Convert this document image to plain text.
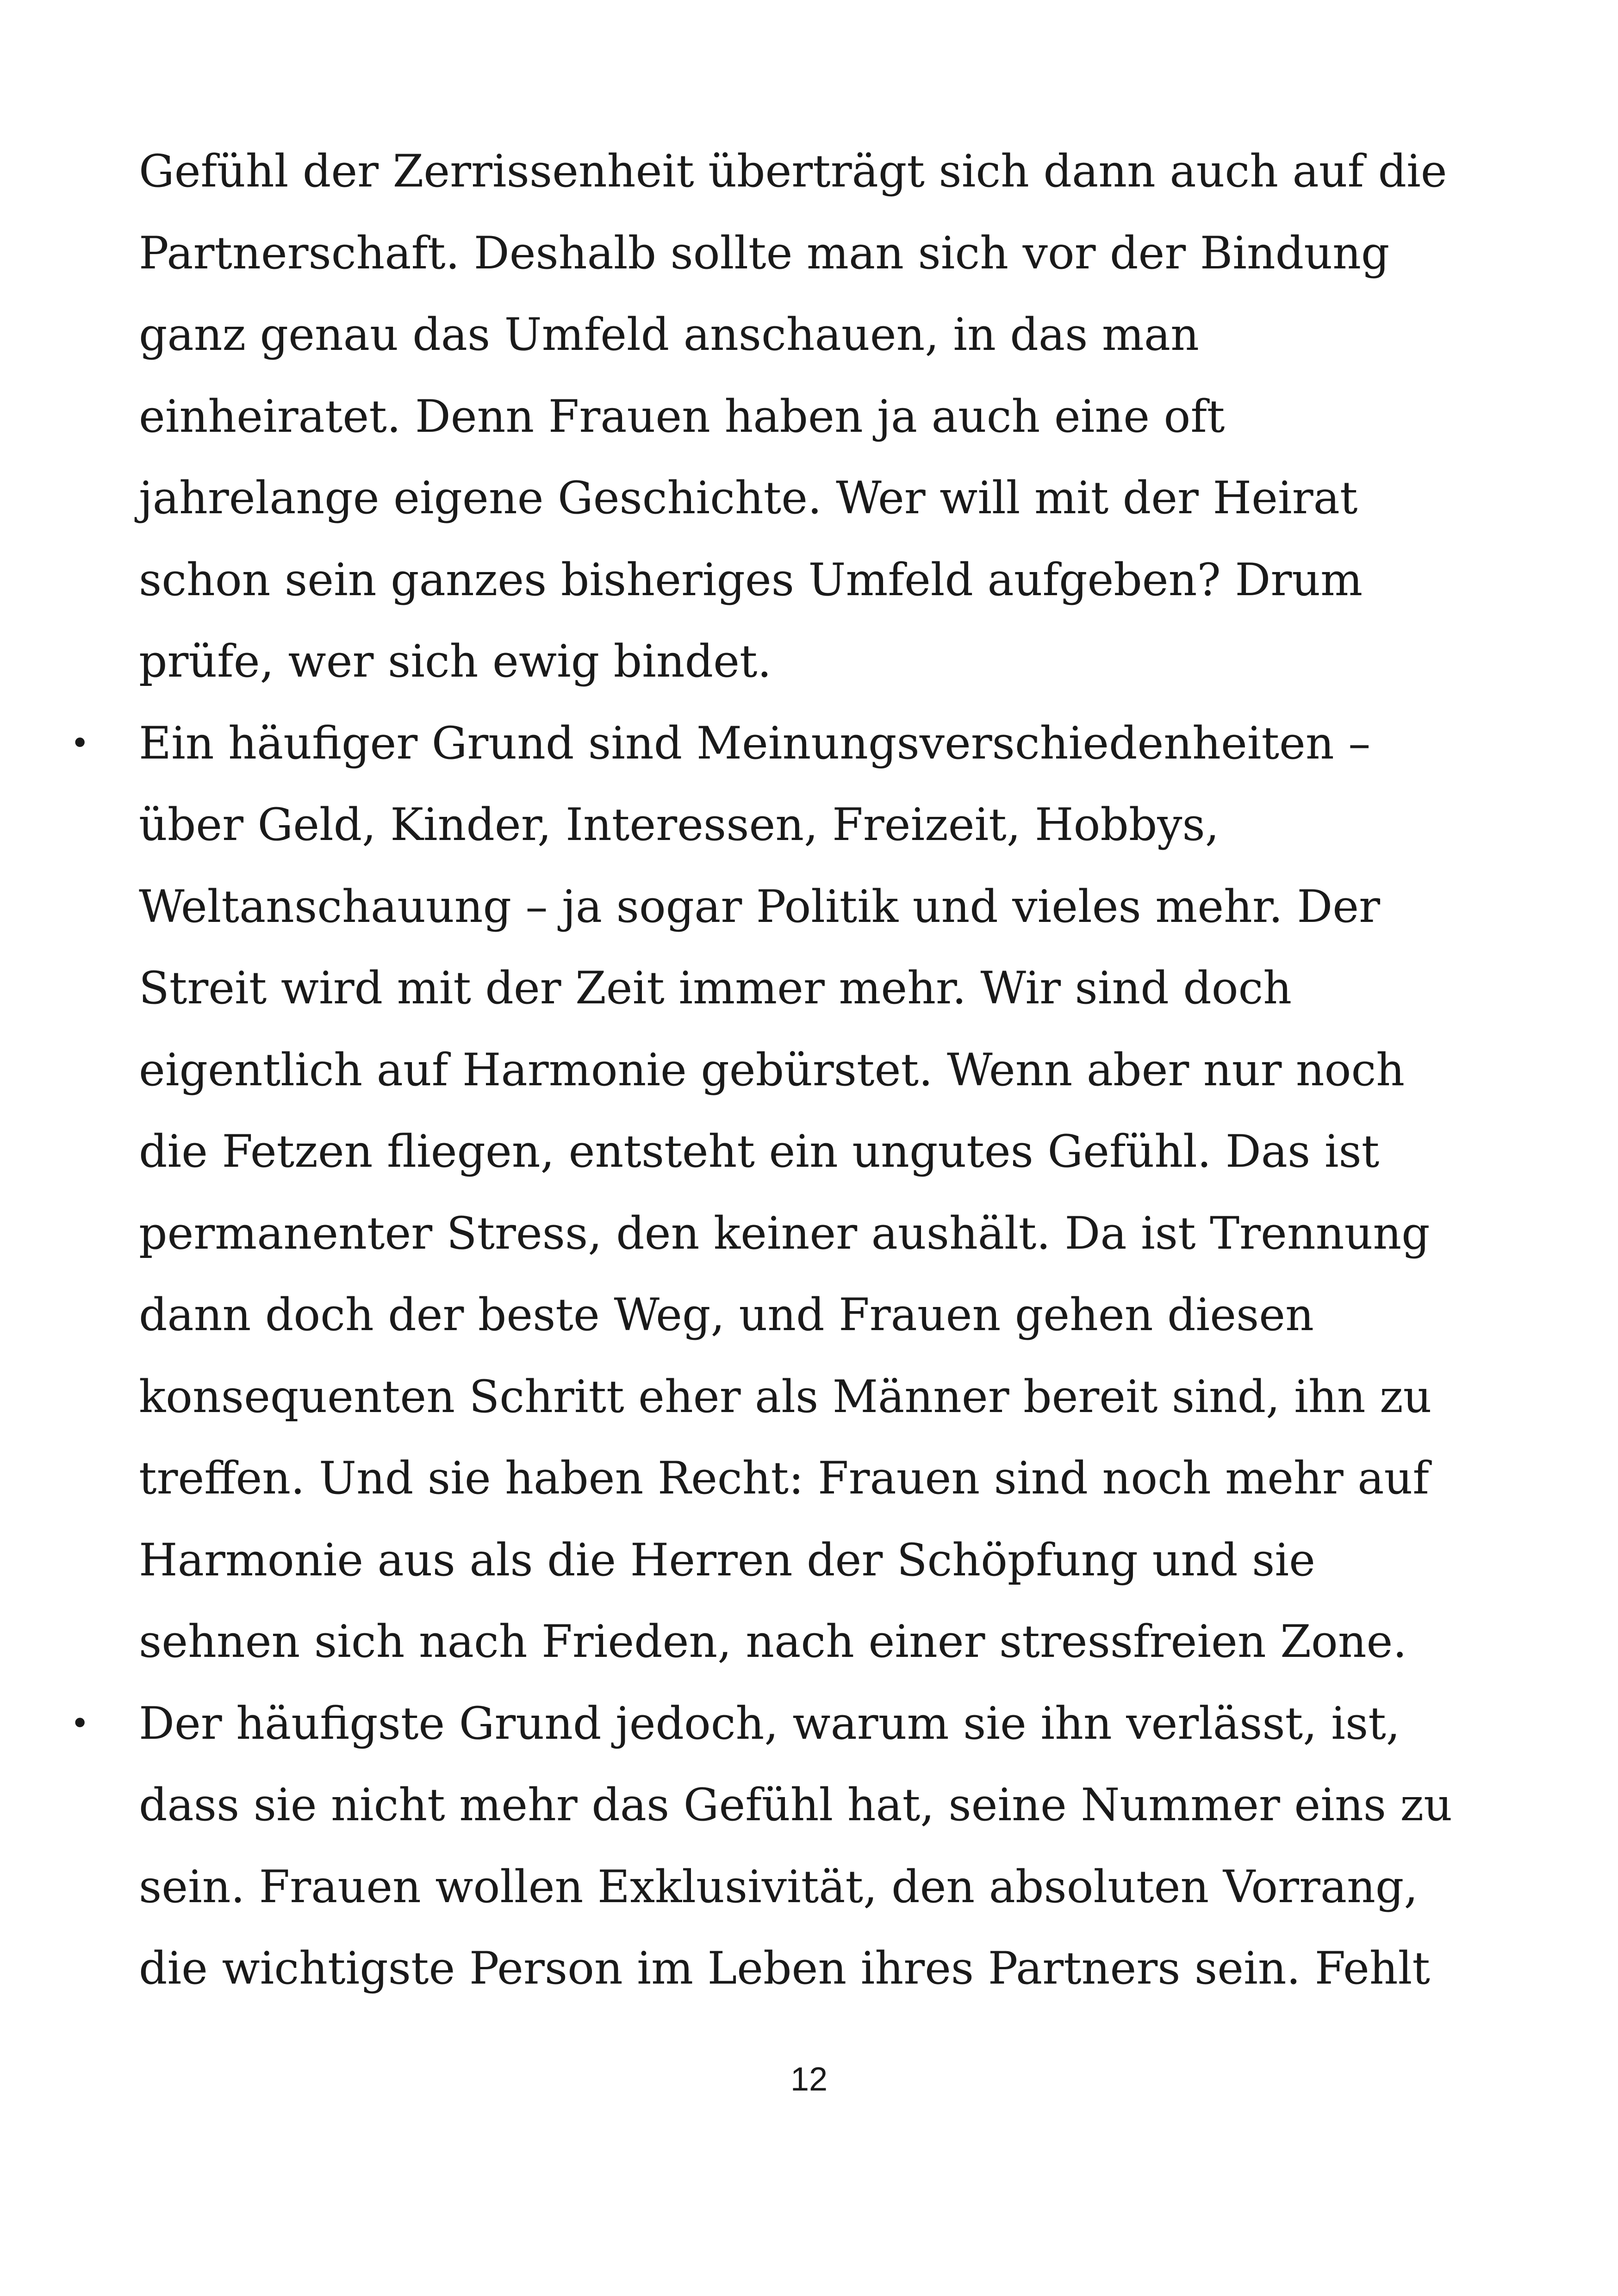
Gefühl der Zerrissenheit überträgt sich dann auch auf die
Partnerschaft. Deshalb sollte man sich vor der Bindung
ganz genau das Umfeld anschauen, in das man
einheiratet. Denn Frauen haben ja auch eine oft
jahrelange eigene Geschichte. Wer will mit der Heirat
schon sein ganzes bisheriges Umfeld aufgeben? Drum
prüfe, wer sich ewig bindet.
• Ein häufiger Grund sind Meinungsverschiedenheiten –
über Geld, Kinder, Interessen, Freizeit, Hobbys,
Weltanschauung – ja sogar Politik und vieles mehr. Der
Streit wird mit der Zeit immer mehr. Wir sind doch
eigentlich auf Harmonie gebürstet. Wenn aber nur noch
die Fetzen fliegen, entsteht ein ungutes Gefühl. Das ist
permanenter Stress, den keiner aushält. Da ist Trennung
dann doch der beste Weg, und Frauen gehen diesen
konsequenten Schritt eher als Männer bereit sind, ihn zu
treffen. Und sie haben Recht: Frauen sind noch mehr auf
Harmonie aus als die Herren der Schöpfung und sie
sehnen sich nach Frieden, nach einer stressfreien Zone.
• Der häufigste Grund jedoch, warum sie ihn verlässt, ist,
dass sie nicht mehr das Gefühl hat, seine Nummer eins zu
sein. Frauen wollen Exklusivität, den absoluten Vorrang,
die wichtigste Person im Leben ihres Partners sein. Fehlt
12
